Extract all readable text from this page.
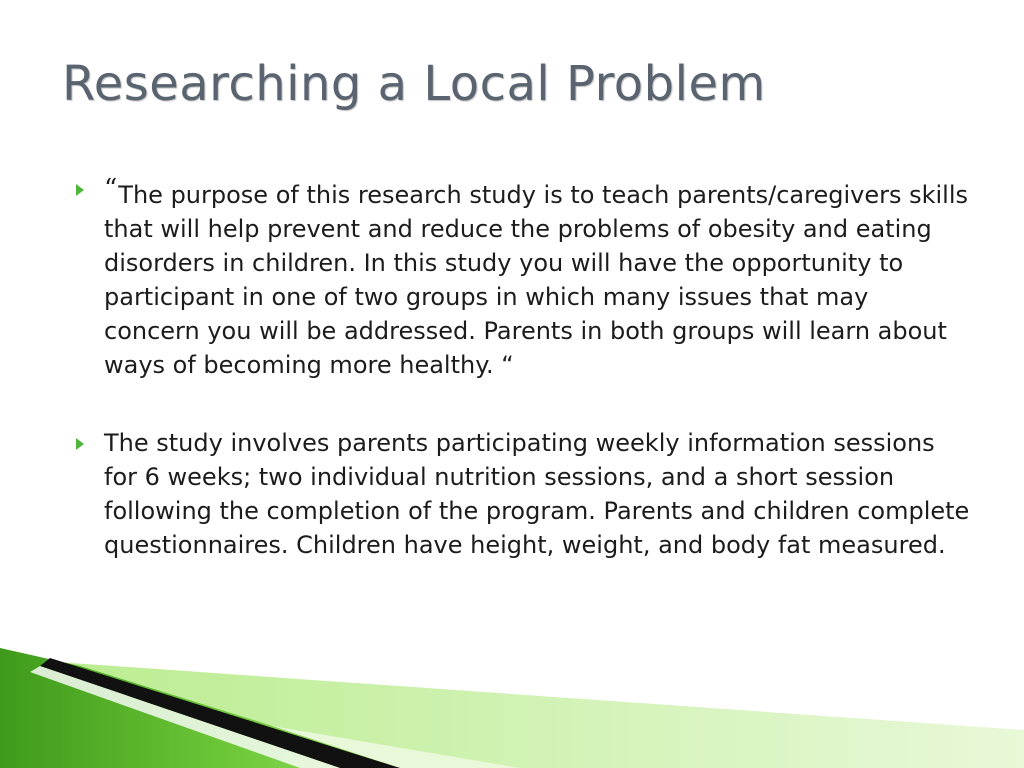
Researching a Local Problem
“The purpose of this research study is to teach parents/caregivers skills that will help prevent and reduce the problems of obesity and eating disorders in children. In this study you will have the opportunity to participant in one of two groups in which many issues that may concern you will be addressed. Parents in both groups will learn about ways of becoming more healthy. “
The study involves parents participating weekly information sessions for 6 weeks; two individual nutrition sessions, and a short session following the completion of the program. Parents and children complete questionnaires. Children have height, weight, and body fat measured.
